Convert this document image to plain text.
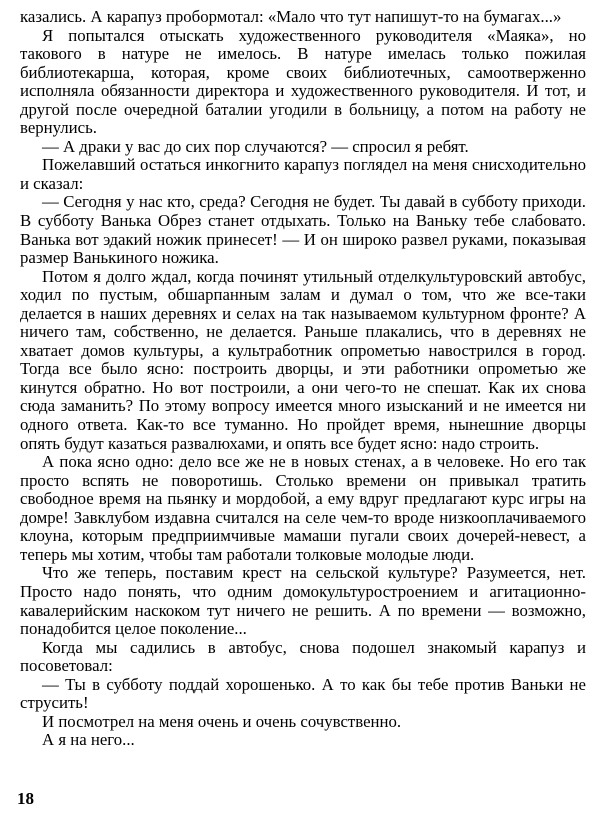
казались. А карапуз пробормотал: «Мало что тут напишут-то на бумагах...»

Я попытался отыскать художественного руководителя «Маяка», но такового в натуре не имелось. В натуре имелась только пожилая библиотекарша, которая, кроме своих библиотечных, самоотверженно исполняла обязанности директора и художественного руководителя. И тот, и другой после очередной баталии угодили в больницу, а потом на работу не вернулись.

— А драки у вас до сих пор случаются? — спросил я ребят.

Пожелавший остаться инкогнито карапуз поглядел на меня снисходительно и сказал:

— Сегодня у нас кто, среда? Сегодня не будет. Ты давай в субботу приходи. В субботу Ванька Обрез станет отдыхать. Только на Ваньку тебе слабовато. Ванька вот эдакий ножик принесет! — И он широко развел руками, показывая размер Ванькиного ножика.

Потом я долго ждал, когда починят утильный отделкультуровский автобус, ходил по пустым, обшарпанным залам и думал о том, что же все-таки делается в наших деревнях и селах на так называемом культурном фронте? А ничего там, собственно, не делается. Раньше плакались, что в деревнях не хватает домов культуры, а культработник опрометью навострился в город. Тогда все было ясно: построить дворцы, и эти работники опрометью же кинутся обратно. Но вот построили, а они чего-то не спешат. Как их снова сюда заманить? По этому вопросу имеется много изысканий и не имеется ни одного ответа. Как-то все туманно. Но пройдет время, нынешние дворцы опять будут казаться развалюхами, и опять все будет ясно: надо строить.

А пока ясно одно: дело все же не в новых стенах, а в человеке. Но его так просто вспять не поворотишь. Столько времени он привыкал тратить свободное время на пьянку и мордобой, а ему вдруг предлагают курс игры на домре! Завклубом издавна считался на селе чем-то вроде низкооплачиваемого клоуна, которым предприимчивые мамаши пугали своих дочерей-невест, а теперь мы хотим, чтобы там работали толковые молодые люди.

Что же теперь, поставим крест на сельской культуре? Разумеется, нет. Просто надо понять, что одним домокультуростроением и агитационно-кавалерийским наскоком тут ничего не решить. А по времени — возможно, понадобится целое поколение...

Когда мы садились в автобус, снова подошел знакомый карапуз и посоветовал:

— Ты в субботу поддай хорошенько. А то как бы тебе против Ваньки не струсить!

И посмотрел на меня очень и очень сочувственно.

А я на него...

18
